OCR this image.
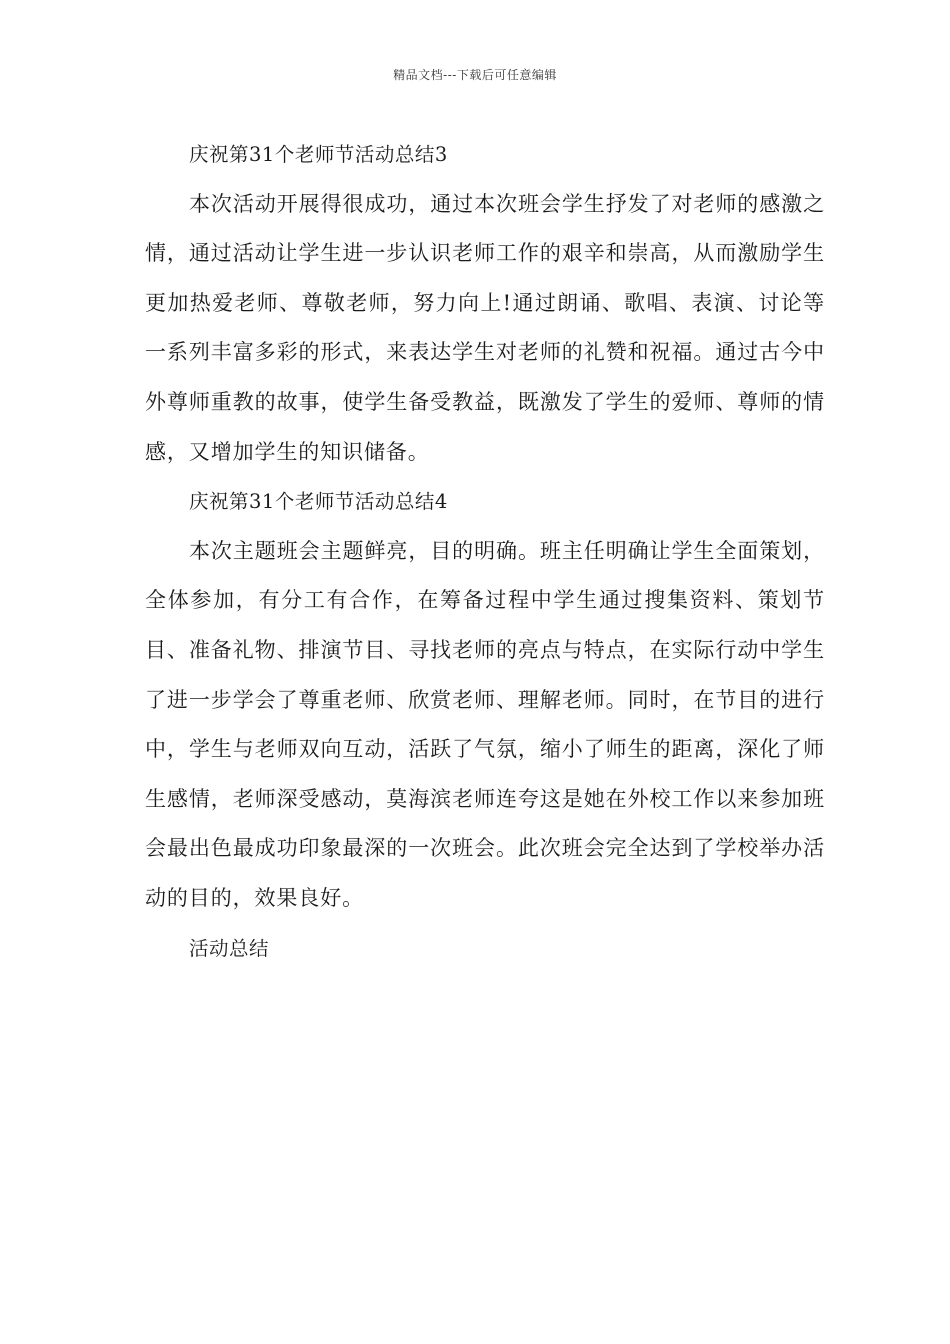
精品文档---下载后可任意编辑

庆祝第31个老师节活动总结3

本次活动开展得很成功，通过本次班会学生抒发了对老师的感激之情，通过活动让学生进一步认识老师工作的艰辛和崇高，从而激励学生更加热爱老师、尊敬老师，努力向上!通过朗诵、歌唱、表演、讨论等一系列丰富多彩的形式，来表达学生对老师的礼赞和祝福。通过古今中外尊师重教的故事，使学生备受教益，既激发了学生的爱师、尊师的情感，又增加学生的知识储备。

庆祝第31个老师节活动总结4

本次主题班会主题鲜亮，目的明确。班主任明确让学生全面策划，全体参加，有分工有合作，在筹备过程中学生通过搜集资料、策划节目、准备礼物、排演节目、寻找老师的亮点与特点，在实际行动中学生了进一步学会了尊重老师、欣赏老师、理解老师。同时，在节目的进行中，学生与老师双向互动，活跃了气氛，缩小了师生的距离，深化了师生感情，老师深受感动，莫海滨老师连夸这是她在外校工作以来参加班会最出色最成功印象最深的一次班会。此次班会完全达到了学校举办活动的目的，效果良好。

活动总结
